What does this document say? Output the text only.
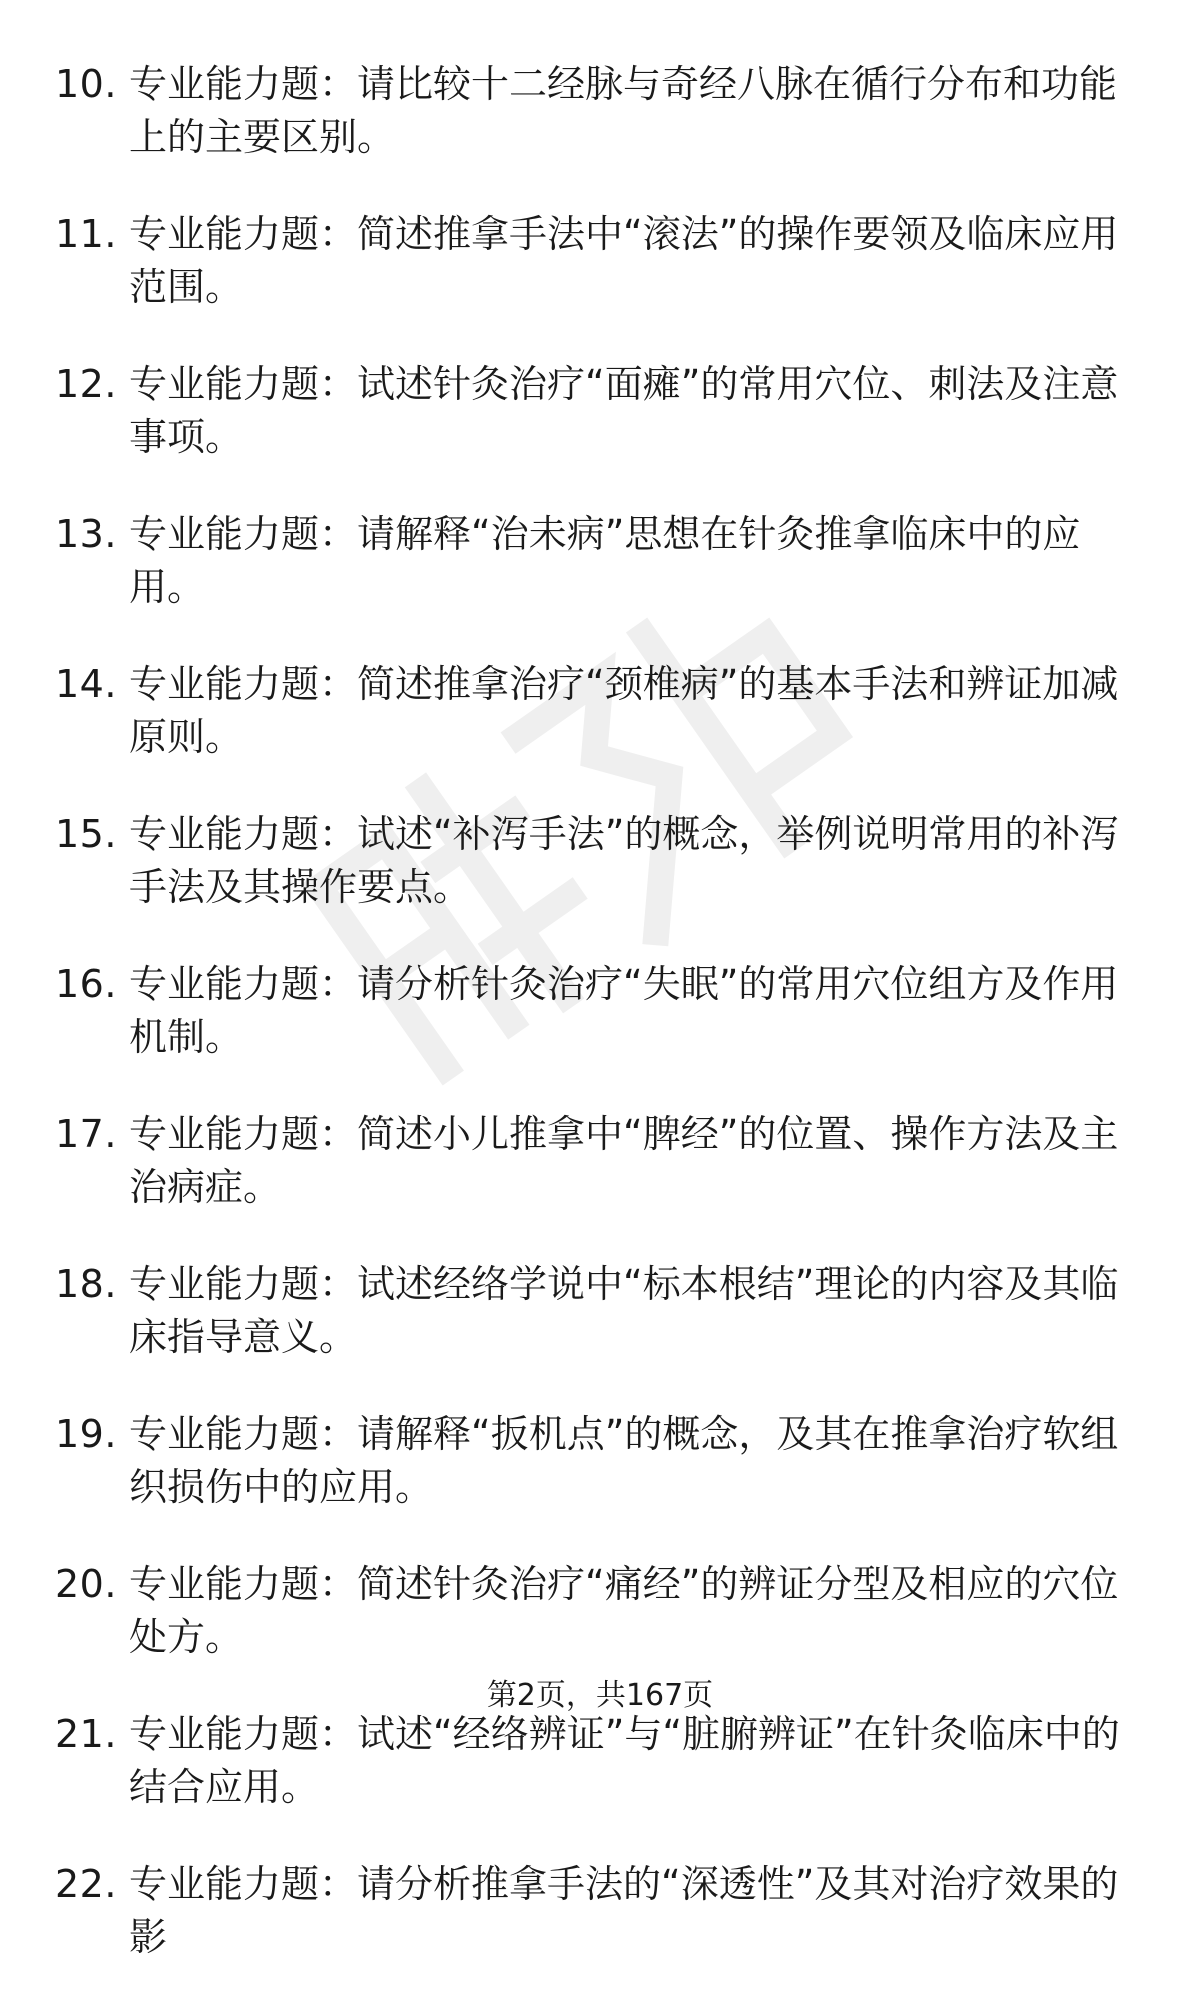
10. 专业能力题：请比较十二经脉与奇经八脉在循行分布和功能上的主要区别。
11. 专业能力题：简述推拿手法中“滚法”的操作要领及临床应用范围。
12. 专业能力题：试述针灸治疗“面瘫”的常用穴位、刺法及注意事项。
13. 专业能力题：请解释“治未病”思想在针灸推拿临床中的应用。
14. 专业能力题：简述推拿治疗“颈椎病”的基本手法和辨证加减原则。
15. 专业能力题：试述“补泻手法”的概念，举例说明常用的补泻手法及其操作要点。
16. 专业能力题：请分析针灸治疗“失眠”的常用穴位组方及作用机制。
17. 专业能力题：简述小儿推拿中“脾经”的位置、操作方法及主治病症。
18. 专业能力题：试述经络学说中“标本根结”理论的内容及其临床指导意义。
19. 专业能力题：请解释“扳机点”的概念，及其在推拿治疗软组织损伤中的应用。
20. 专业能力题：简述针灸治疗“痛经”的辨证分型及相应的穴位处方。
21. 专业能力题：试述“经络辨证”与“脏腑辨证”在针灸临床中的结合应用。
22. 专业能力题：请分析推拿手法的“深透性”及其对治疗效果的影
第2页，共167页
